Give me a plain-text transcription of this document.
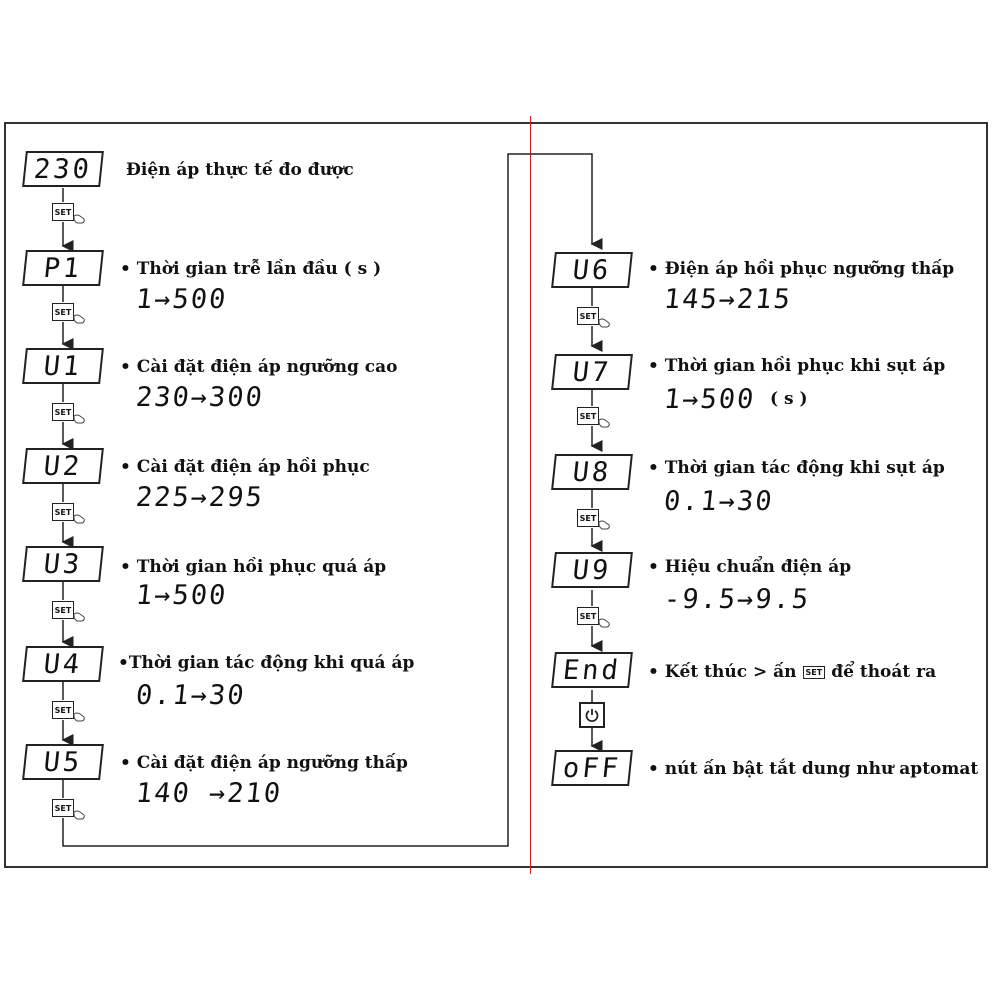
230 Điện áp thực tế đo được
SET
P1 • Thời gian trễ lần đầu ( s )
1→500
SET
U1 • Cài đặt điện áp ngưỡng cao
230→300
SET
U2 • Cài đặt điện áp hồi phục
225→295
SET
U3 • Thời gian hồi phục quá áp
1→500
SET
U4 •Thời gian tác động khi quá áp
0.1→30
SET
U5 • Cài đặt điện áp ngưỡng thấp
140 →210
SET
U6 • Điện áp hồi phục ngưỡng thấp
145→215
SET
U7 • Thời gian hồi phục khi sụt áp
1→500 ( s )
SET
U8 • Thời gian tác động khi sụt áp
0.1→30
SET
U9 • Hiệu chuẩn điện áp
-9.5→9.5
SET
End • Kết thúc > ấn SET để thoát ra
oFF • nút ấn bật tắt dung như aptomat
